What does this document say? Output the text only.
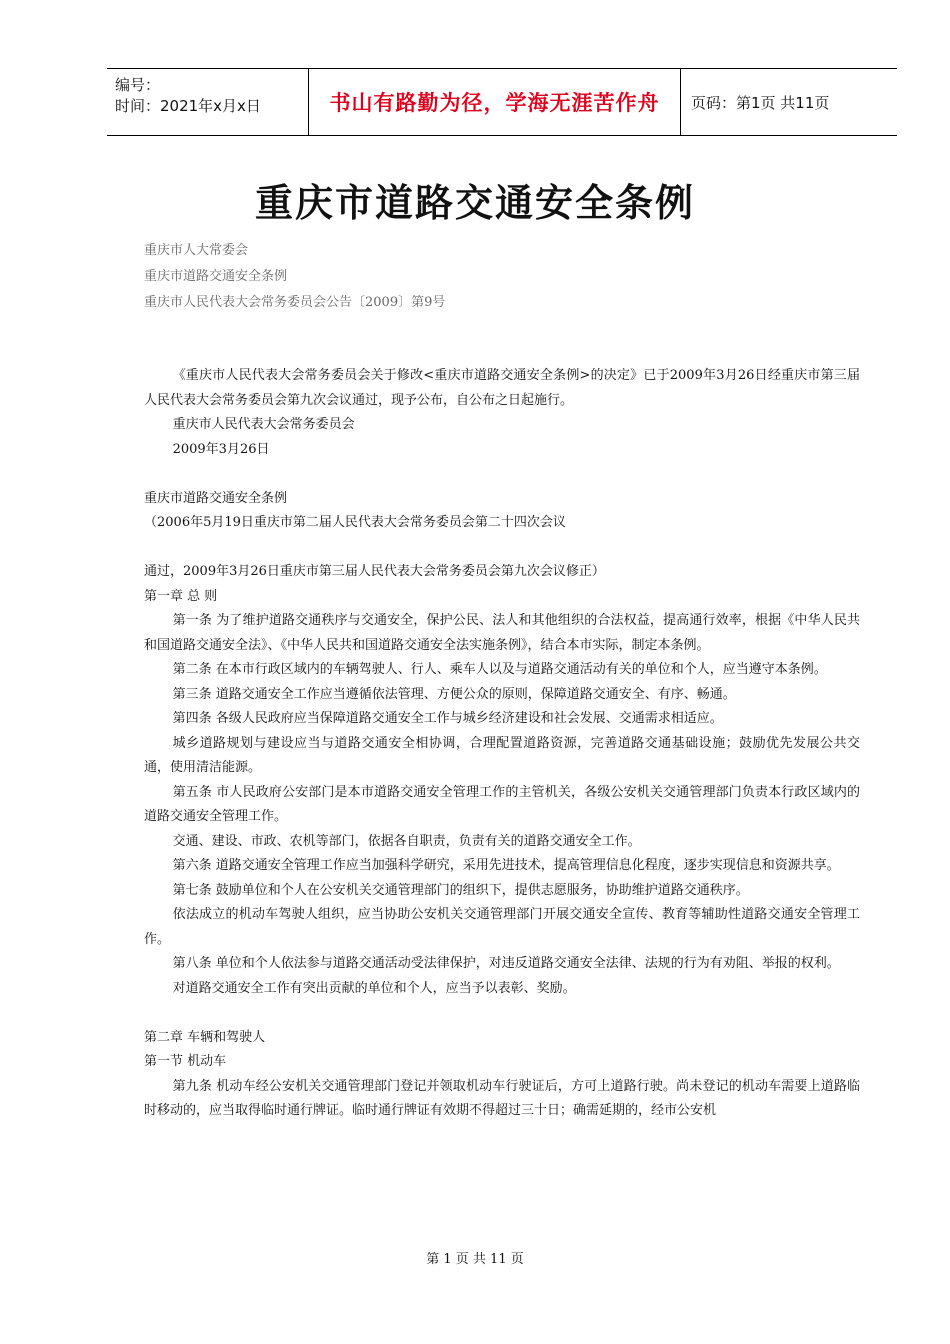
编号：
时间：2021年x月x日	书山有路勤为径，学海无涯苦作舟	页码：第1页 共11页
重庆市道路交通安全条例
重庆市人大常委会
重庆市道路交通安全条例
重庆市人民代表大会常务委员会公告〔2009〕第9号

《重庆市人民代表大会常务委员会关于修改<重庆市道路交通安全条例>的决定》已于2009年3月26日经重庆市第三届人民代表大会常务委员会第九次会议通过，现予公布，自公布之日起施行。

重庆市人民代表大会常务委员会

2009年3月26日

重庆市道路交通安全条例

（2006年5月19日重庆市第二届人民代表大会常务委员会第二十四次会议

通过，2009年3月26日重庆市第三届人民代表大会常务委员会第九次会议修正）

第一章 总 则

第一条 为了维护道路交通秩序与交通安全，保护公民、法人和其他组织的合法权益，提高通行效率，根据《中华人民共和国道路交通安全法》、《中华人民共和国道路交通安全法实施条例》，结合本市实际，制定本条例。

第二条 在本市行政区域内的车辆驾驶人、行人、乘车人以及与道路交通活动有关的单位和个人，应当遵守本条例。

第三条 道路交通安全工作应当遵循依法管理、方便公众的原则，保障道路交通安全、有序、畅通。

第四条 各级人民政府应当保障道路交通安全工作与城乡经济建设和社会发展、交通需求相适应。

城乡道路规划与建设应当与道路交通安全相协调，合理配置道路资源，完善道路交通基础设施；鼓励优先发展公共交通，使用清洁能源。

第五条 市人民政府公安部门是本市道路交通安全管理工作的主管机关，各级公安机关交通管理部门负责本行政区域内的道路交通安全管理工作。

交通、建设、市政、农机等部门，依据各自职责，负责有关的道路交通安全工作。

第六条 道路交通安全管理工作应当加强科学研究，采用先进技术，提高管理信息化程度，逐步实现信息和资源共享。

第七条 鼓励单位和个人在公安机关交通管理部门的组织下，提供志愿服务，协助维护道路交通秩序。

依法成立的机动车驾驶人组织，应当协助公安机关交通管理部门开展交通安全宣传、教育等辅助性道路交通安全管理工作。

第八条 单位和个人依法参与道路交通活动受法律保护，对违反道路交通安全法律、法规的行为有劝阻、举报的权利。

对道路交通安全工作有突出贡献的单位和个人，应当予以表彰、奖励。

第二章 车辆和驾驶人

第一节 机动车

第九条 机动车经公安机关交通管理部门登记并领取机动车行驶证后，方可上道路行驶。尚未登记的机动车需要上道路临时移动的，应当取得临时通行牌证。临时通行牌证有效期不得超过三十日；确需延期的，经市公安机

第 1 页 共 11 页
